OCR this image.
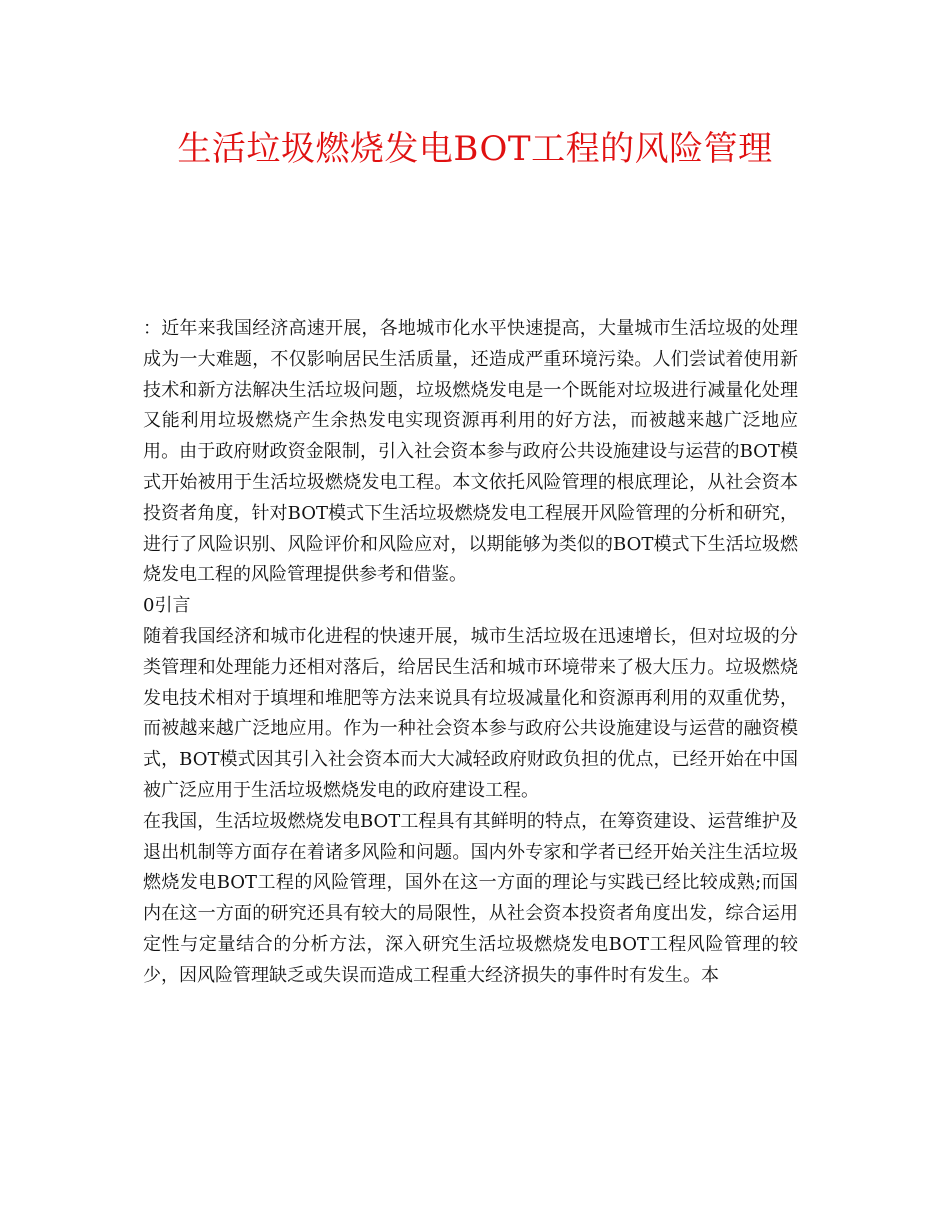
生活垃圾燃烧发电BOT工程的风险管理

：近年来我国经济高速开展，各地城市化水平快速提高，大量城市生活垃圾的处理成为一大难题，不仅影响居民生活质量，还造成严重环境污染。人们尝试着使用新技术和新方法解决生活垃圾问题，垃圾燃烧发电是一个既能对垃圾进行减量化处理又能利用垃圾燃烧产生余热发电实现资源再利用的好方法，而被越来越广泛地应用。由于政府财政资金限制，引入社会资本参与政府公共设施建设与运营的BOT模式开始被用于生活垃圾燃烧发电工程。本文依托风险管理的根底理论，从社会资本投资者角度，针对BOT模式下生活垃圾燃烧发电工程展开风险管理的分析和研究，进行了风险识别、风险评价和风险应对，以期能够为类似的BOT模式下生活垃圾燃烧发电工程的风险管理提供参考和借鉴。

0引言

随着我国经济和城市化进程的快速开展，城市生活垃圾在迅速增长，但对垃圾的分类管理和处理能力还相对落后，给居民生活和城市环境带来了极大压力。垃圾燃烧发电技术相对于填埋和堆肥等方法来说具有垃圾减量化和资源再利用的双重优势，而被越来越广泛地应用。作为一种社会资本参与政府公共设施建设与运营的融资模式，BOT模式因其引入社会资本而大大减轻政府财政负担的优点，已经开始在中国被广泛应用于生活垃圾燃烧发电的政府建设工程。

在我国，生活垃圾燃烧发电BOT工程具有其鲜明的特点，在筹资建设、运营维护及退出机制等方面存在着诸多风险和问题。国内外专家和学者已经开始关注生活垃圾燃烧发电BOT工程的风险管理，国外在这一方面的理论与实践已经比较成熟;而国内在这一方面的研究还具有较大的局限性，从社会资本投资者角度出发，综合运用定性与定量结合的分析方法，深入研究生活垃圾燃烧发电BOT工程风险管理的较少，因风险管理缺乏或失误而造成工程重大经济损失的事件时有发生。本
